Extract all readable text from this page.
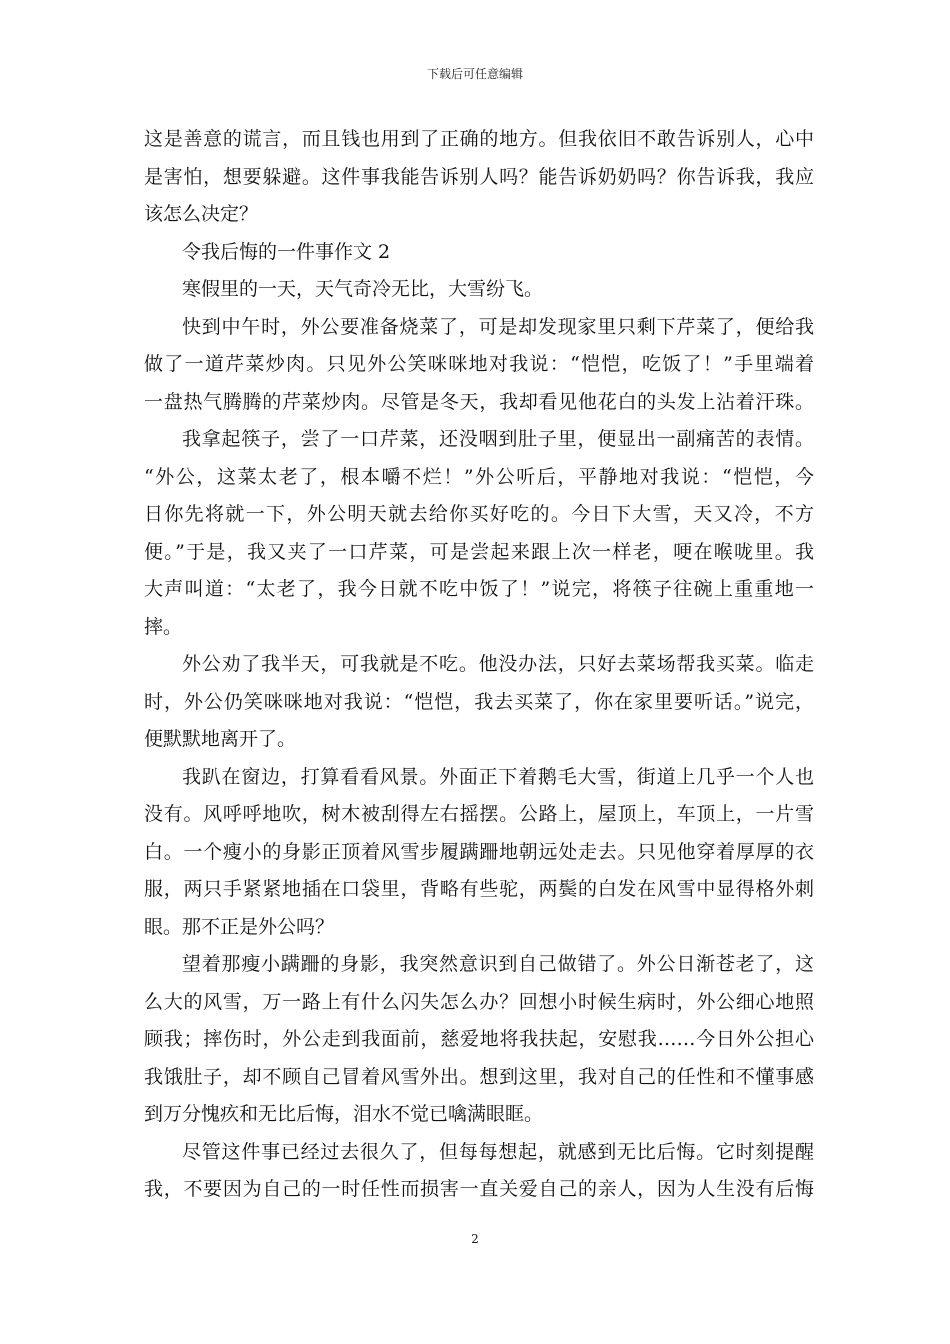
下载后可任意编辑
这是善意的谎言，而且钱也用到了正确的地方。但我依旧不敢告诉别人，心中
是害怕，想要躲避。这件事我能告诉别人吗？能告诉奶奶吗？你告诉我，我应
该怎么决定？
令我后悔的一件事作文 2
寒假里的一天，天气奇冷无比，大雪纷飞。
快到中午时，外公要准备烧菜了，可是却发现家里只剩下芹菜了，便给我
做了一道芹菜炒肉。只见外公笑咪咪地对我说：“恺恺，吃饭了！”手里端着
一盘热气腾腾的芹菜炒肉。尽管是冬天，我却看见他花白的头发上沾着汗珠。
我拿起筷子，尝了一口芹菜，还没咽到肚子里，便显出一副痛苦的表情。
“外公，这菜太老了，根本嚼不烂！”外公听后，平静地对我说：“恺恺，今
日你先将就一下，外公明天就去给你买好吃的。今日下大雪，天又冷，不方
便。”于是，我又夹了一口芹菜，可是尝起来跟上次一样老，哽在喉咙里。我
大声叫道：“太老了，我今日就不吃中饭了！”说完，将筷子往碗上重重地一
摔。
外公劝了我半天，可我就是不吃。他没办法，只好去菜场帮我买菜。临走
时，外公仍笑咪咪地对我说：“恺恺，我去买菜了，你在家里要听话。”说完，
便默默地离开了。
我趴在窗边，打算看看风景。外面正下着鹅毛大雪，街道上几乎一个人也
没有。风呼呼地吹，树木被刮得左右摇摆。公路上，屋顶上，车顶上，一片雪
白。一个瘦小的身影正顶着风雪步履蹒跚地朝远处走去。只见他穿着厚厚的衣
服，两只手紧紧地插在口袋里，背略有些驼，两鬓的白发在风雪中显得格外刺
眼。那不正是外公吗？
望着那瘦小蹒跚的身影，我突然意识到自己做错了。外公日渐苍老了，这
么大的风雪，万一路上有什么闪失怎么办？回想小时候生病时，外公细心地照
顾我；摔伤时，外公走到我面前，慈爱地将我扶起，安慰我……今日外公担心
我饿肚子，却不顾自己冒着风雪外出。想到这里，我对自己的任性和不懂事感
到万分愧疚和无比后悔，泪水不觉已噙满眼眶。
尽管这件事已经过去很久了，但每每想起，就感到无比后悔。它时刻提醒
我，不要因为自己的一时任性而损害一直关爱自己的亲人，因为人生没有后悔
2
